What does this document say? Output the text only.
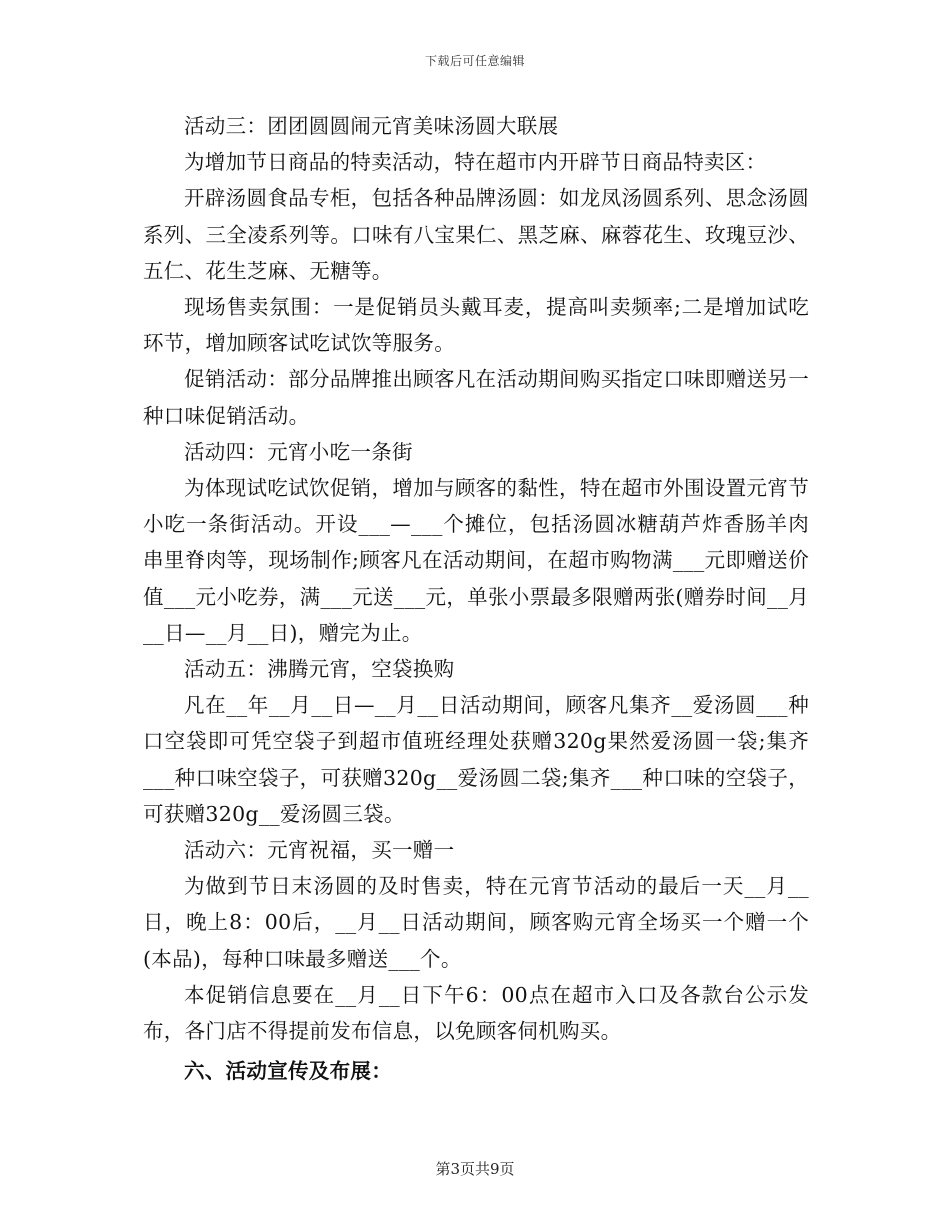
下载后可任意编辑

活动三：团团圆圆闹元宵美味汤圆大联展

为增加节日商品的特卖活动，特在超市内开辟节日商品特卖区：

开辟汤圆食品专柜，包括各种品牌汤圆：如龙凤汤圆系列、思念汤圆系列、三全凌系列等。口味有八宝果仁、黑芝麻、麻蓉花生、玫瑰豆沙、五仁、花生芝麻、无糖等。

现场售卖氛围：一是促销员头戴耳麦，提高叫卖频率;二是增加试吃环节，增加顾客试吃试饮等服务。

促销活动：部分品牌推出顾客凡在活动期间购买指定口味即赠送另一种口味促销活动。

活动四：元宵小吃一条街

为体现试吃试饮促销，增加与顾客的黏性，特在超市外围设置元宵节小吃一条街活动。开设___—___个摊位，包括汤圆冰糖葫芦炸香肠羊肉串里脊肉等，现场制作;顾客凡在活动期间，在超市购物满___元即赠送价值___元小吃券，满___元送___元，单张小票最多限赠两张(赠券时间__月__日—__月__日)，赠完为止。

活动五：沸腾元宵，空袋换购

凡在__年__月__日—__月__日活动期间，顾客凡集齐__爱汤圆___种口空袋即可凭空袋子到超市值班经理处获赠320g果然爱汤圆一袋;集齐___种口味空袋子，可获赠320g__爱汤圆二袋;集齐___种口味的空袋子，可获赠320g__爱汤圆三袋。

活动六：元宵祝福，买一赠一

为做到节日末汤圆的及时售卖，特在元宵节活动的最后一天__月__日，晚上8：00后，__月__日活动期间，顾客购元宵全场买一个赠一个(本品)，每种口味最多赠送___个。

本促销信息要在__月__日下午6：00点在超市入口及各款台公示发布，各门店不得提前发布信息，以免顾客伺机购买。

六、活动宣传及布展：

第3页共9页
